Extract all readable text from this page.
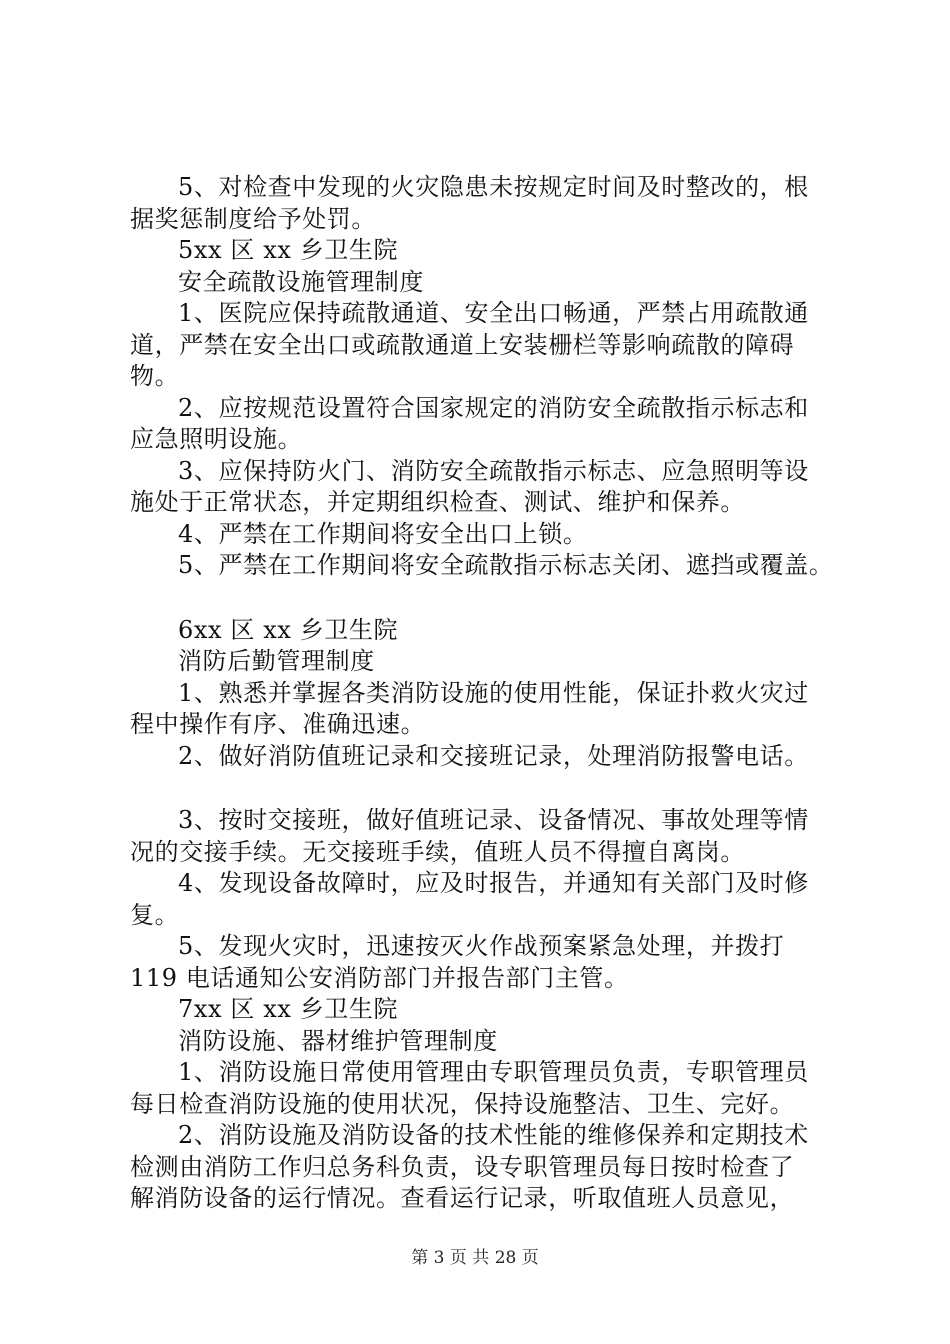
5、对检查中发现的火灾隐患未按规定时间及时整改的，根
据奖惩制度给予处罚。
5xx 区 xx 乡卫生院
安全疏散设施管理制度
1、医院应保持疏散通道、安全出口畅通，严禁占用疏散通
道，严禁在安全出口或疏散通道上安装栅栏等影响疏散的障碍
物。
2、应按规范设置符合国家规定的消防安全疏散指示标志和
应急照明设施。
3、应保持防火门、消防安全疏散指示标志、应急照明等设
施处于正常状态，并定期组织检查、测试、维护和保养。
4、严禁在工作期间将安全出口上锁。
5、严禁在工作期间将安全疏散指示标志关闭、遮挡或覆盖。
6xx 区 xx 乡卫生院
消防后勤管理制度
1、熟悉并掌握各类消防设施的使用性能，保证扑救火灾过
程中操作有序、准确迅速。
2、做好消防值班记录和交接班记录，处理消防报警电话。
3、按时交接班，做好值班记录、设备情况、事故处理等情
况的交接手续。无交接班手续，值班人员不得擅自离岗。
4、发现设备故障时，应及时报告，并通知有关部门及时修
复。
5、发现火灾时，迅速按灭火作战预案紧急处理，并拨打
119 电话通知公安消防部门并报告部门主管。
7xx 区 xx 乡卫生院
消防设施、器材维护管理制度
1、消防设施日常使用管理由专职管理员负责，专职管理员
每日检查消防设施的使用状况，保持设施整洁、卫生、完好。
2、消防设施及消防设备的技术性能的维修保养和定期技术
检测由消防工作归总务科负责，设专职管理员每日按时检查了
解消防设备的运行情况。查看运行记录，听取值班人员意见，
第 3 页 共 28 页
